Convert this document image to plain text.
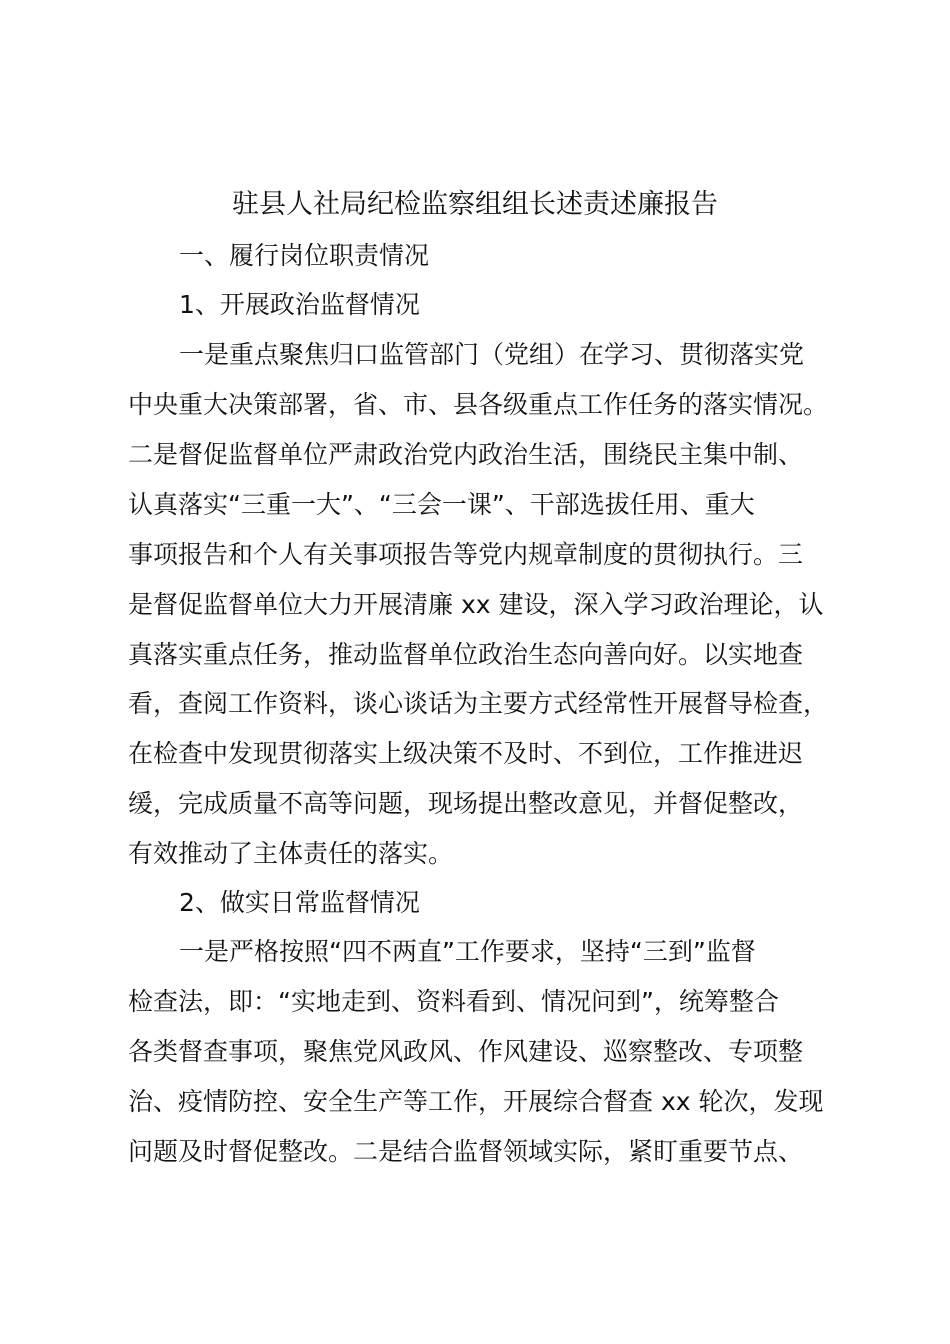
驻县人社局纪检监察组组长述责述廉报告
一、履行岗位职责情况
1、开展政治监督情况
一是重点聚焦归口监管部门（党组）在学习、贯彻落实党
中央重大决策部署，省、市、县各级重点工作任务的落实情况。
二是督促监督单位严肃政治党内政治生活，围绕民主集中制、
认真落实“三重一大”、“三会一课”、干部选拔任用、重大
事项报告和个人有关事项报告等党内规章制度的贯彻执行。三
是督促监督单位大力开展清廉 xx 建设，深入学习政治理论，认
真落实重点任务，推动监督单位政治生态向善向好。以实地查
看，查阅工作资料，谈心谈话为主要方式经常性开展督导检查，
在检查中发现贯彻落实上级决策不及时、不到位，工作推进迟
缓，完成质量不高等问题，现场提出整改意见，并督促整改，
有效推动了主体责任的落实。
2、做实日常监督情况
一是严格按照“四不两直”工作要求，坚持“三到”监督
检查法，即：“实地走到、资料看到、情况问到”，统筹整合
各类督查事项，聚焦党风政风、作风建设、巡察整改、专项整
治、疫情防控、安全生产等工作，开展综合督查 xx 轮次，发现
问题及时督促整改。二是结合监督领域实际，紧盯重要节点、
